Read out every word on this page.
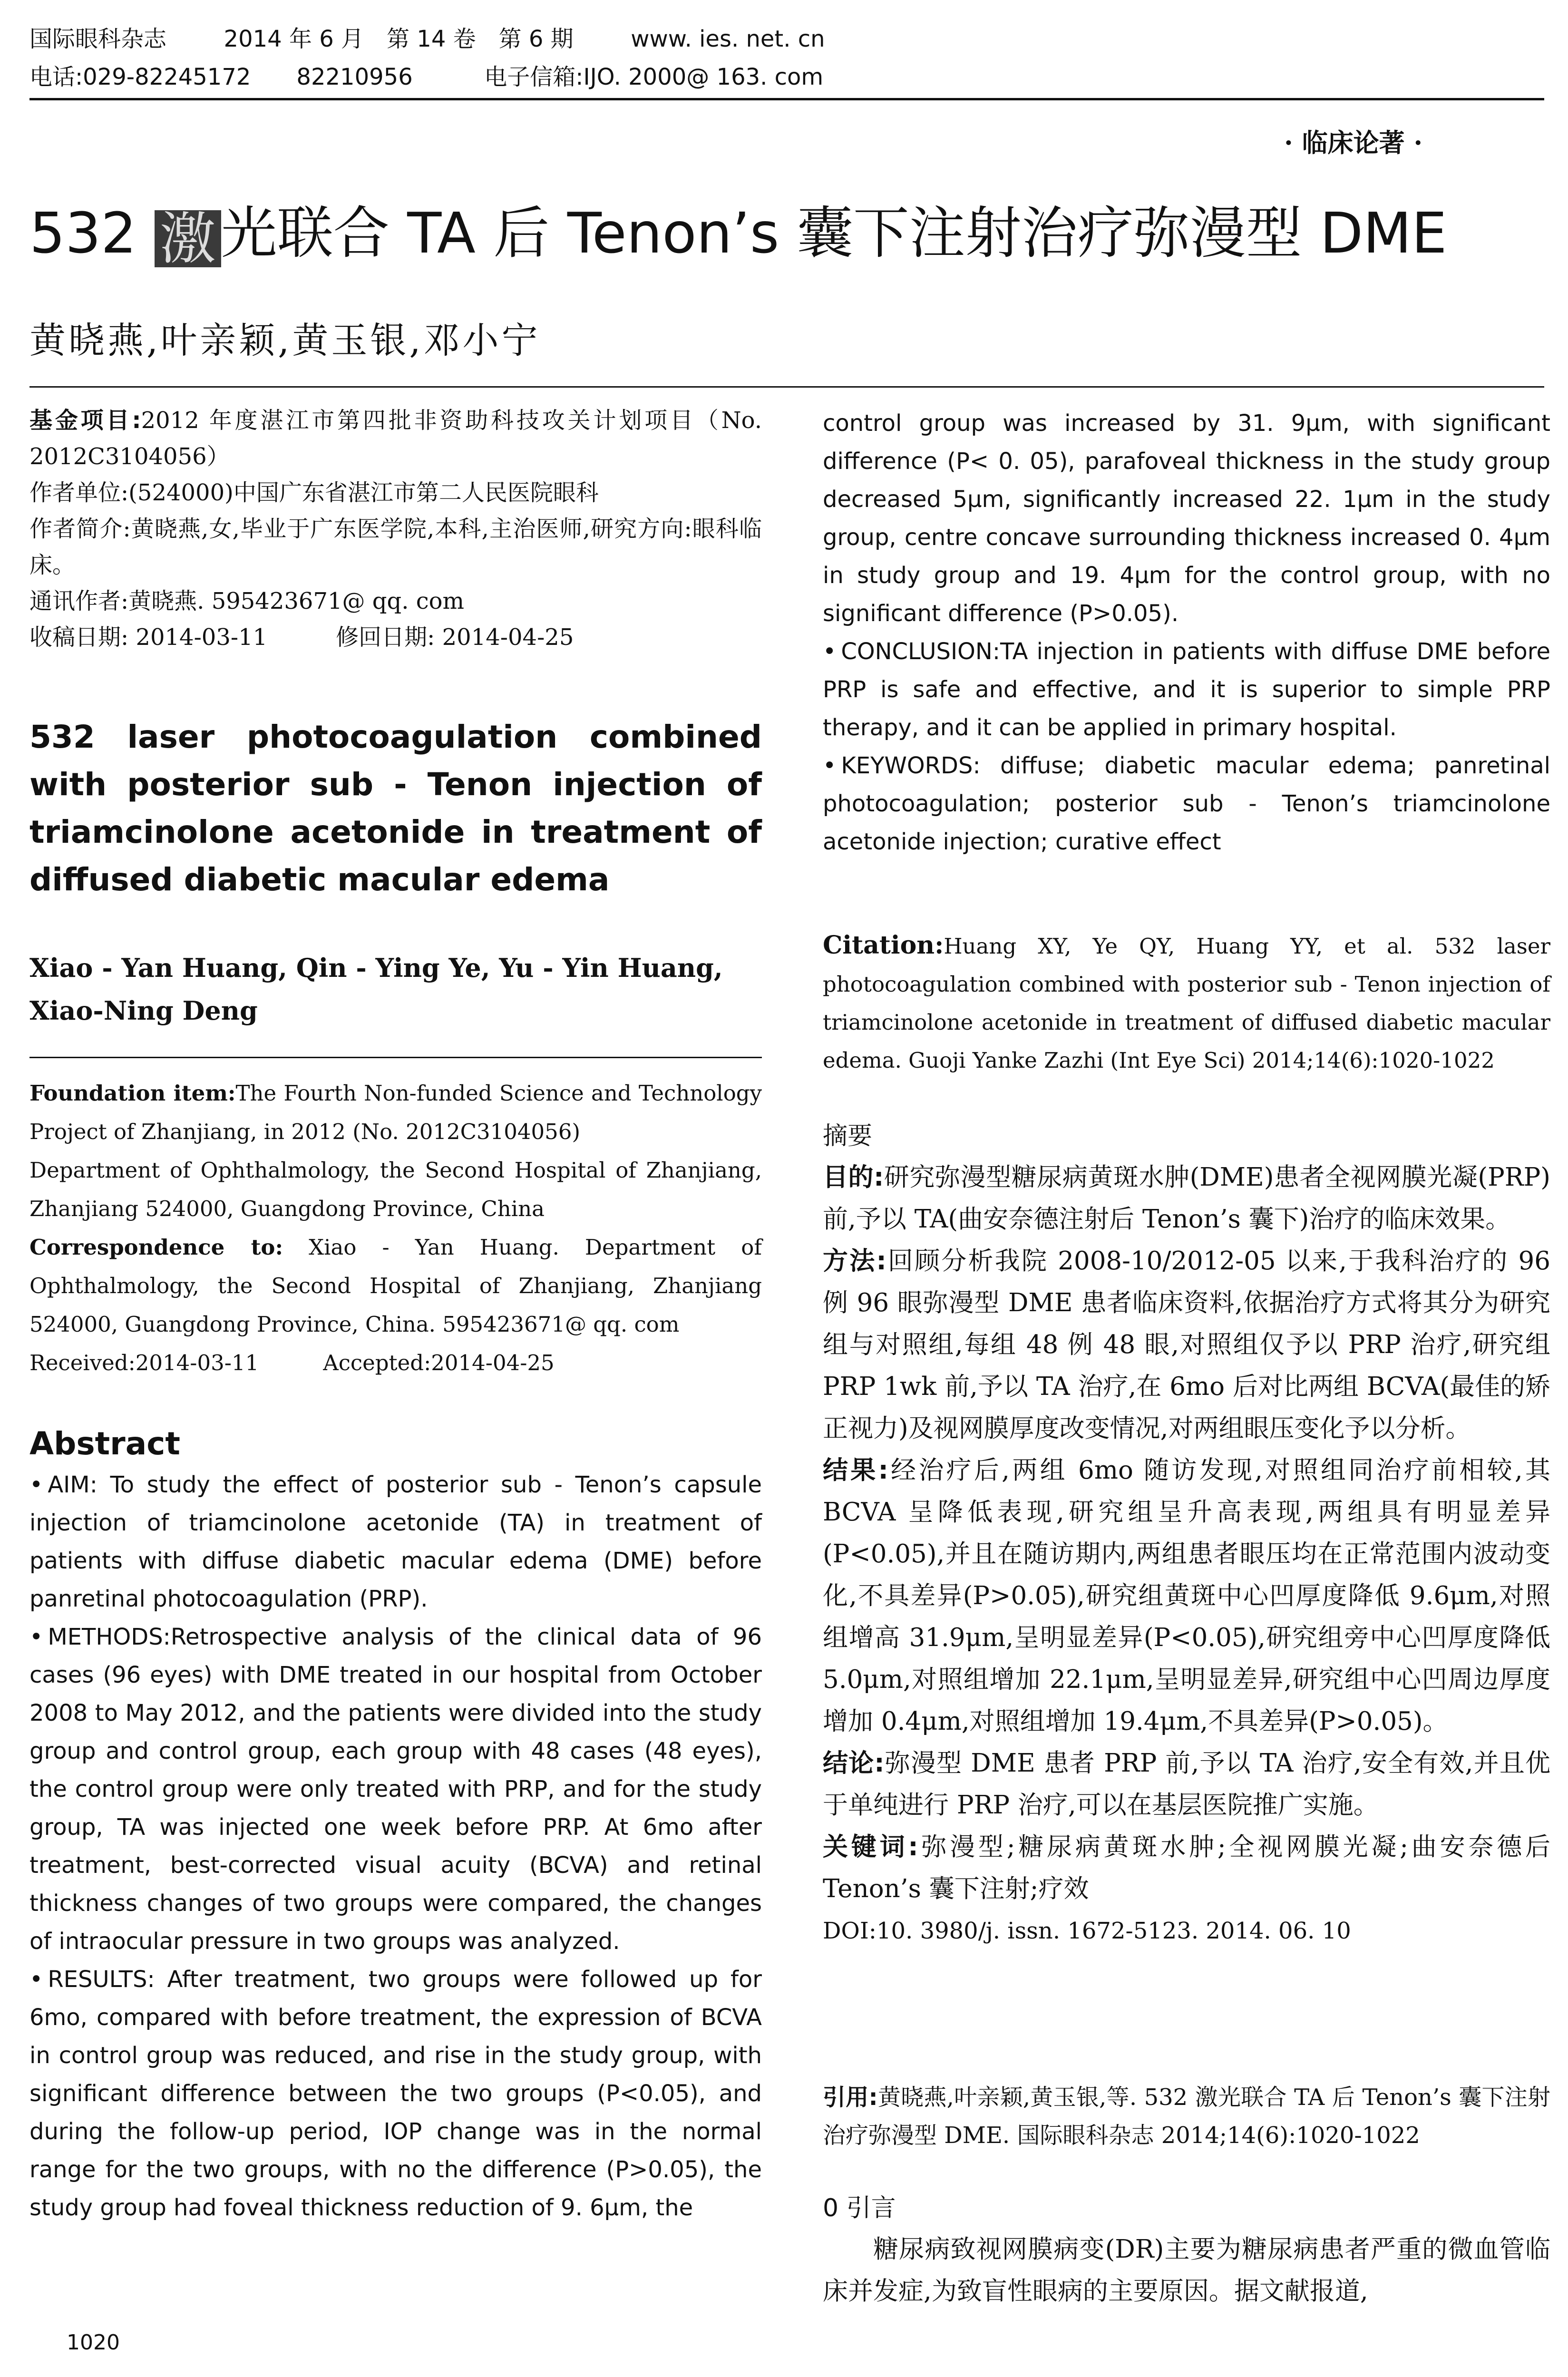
国际眼科杂志	2014 年 6 月　第 14 卷　第 6 期	www. ies. net. cn
电话:029-82245172　　82210956	电子信箱:IJO. 2000@ 163. com
· 临床论著 ·
532 激光联合 TA 后 Tenon’s 囊下注射治疗弥漫型 DME
黄晓燕,叶亲颖,黄玉银,邓小宁

基金项目:2012 年度湛江市第四批非资助科技攻关计划项目（No. 2012C3104056）

作者单位:(524000)中国广东省湛江市第二人民医院眼科

作者简介:黄晓燕,女,毕业于广东医学院,本科,主治医师,研究方向:眼科临床。

通讯作者:黄晓燕. 595423671@ qq. com

收稿日期: 2014-03-11　　　修回日期: 2014-04-25

532 laser photocoagulation combined with posterior sub - Tenon injection of triamcinolone acetonide in treatment of diffused diabetic macular edema

Xiao - Yan Huang, Qin - Ying Ye, Yu - Yin Huang, Xiao-Ning Deng

Foundation item:The Fourth Non-funded Science and Technology Project of Zhanjiang, in 2012 (No. 2012C3104056)

Department of Ophthalmology, the Second Hospital of Zhanjiang, Zhanjiang 524000, Guangdong Province, China

Correspondence to: Xiao - Yan Huang. Department of Ophthalmology, the Second Hospital of Zhanjiang, Zhanjiang 524000, Guangdong Province, China. 595423671@ qq. com

Received:2014-03-11　　　Accepted:2014-04-25

Abstract

• AIM: To study the effect of posterior sub - Tenon’s capsule injection of triamcinolone acetonide (TA) in treatment of patients with diffuse diabetic macular edema (DME) before panretinal photocoagulation (PRP).

• METHODS:Retrospective analysis of the clinical data of 96 cases (96 eyes) with DME treated in our hospital from October 2008 to May 2012, and the patients were divided into the study group and control group, each group with 48 cases (48 eyes), the control group were only treated with PRP, and for the study group, TA was injected one week before PRP. At 6mo after treatment, best-corrected visual acuity (BCVA) and retinal thickness changes of two groups were compared, the changes of intraocular pressure in two groups was analyzed.

• RESULTS: After treatment, two groups were followed up for 6mo, compared with before treatment, the expression of BCVA in control group was reduced, and rise in the study group, with significant difference between the two groups (P<0.05), and during the follow-up period, IOP change was in the normal range for the two groups, with no the difference (P>0.05), the study group had foveal thickness reduction of 9. 6μm, the

1020

control group was increased by 31. 9μm, with significant difference (P< 0. 05), parafoveal thickness in the study group decreased 5μm, significantly increased 22. 1μm in the study group, centre concave surrounding thickness increased 0. 4μm in study group and 19. 4μm for the control group, with no significant difference (P>0.05).

• CONCLUSION:TA injection in patients with diffuse DME before PRP is safe and effective, and it is superior to simple PRP therapy, and it can be applied in primary hospital.

• KEYWORDS: diffuse; diabetic macular edema; panretinal photocoagulation; posterior sub - Tenon’s triamcinolone acetonide injection; curative effect

Citation:Huang XY, Ye QY, Huang YY, et al. 532 laser photocoagulation combined with posterior sub - Tenon injection of triamcinolone acetonide in treatment of diffused diabetic macular edema. Guoji Yanke Zazhi (Int Eye Sci) 2014;14(6):1020-1022

摘要

目的:研究弥漫型糖尿病黄斑水肿(DME)患者全视网膜光凝(PRP)前,予以 TA(曲安奈德注射后 Tenon’s 囊下)治疗的临床效果。

方法:回顾分析我院 2008-10/2012-05 以来,于我科治疗的 96 例 96 眼弥漫型 DME 患者临床资料,依据治疗方式将其分为研究组与对照组,每组 48 例 48 眼,对照组仅予以 PRP 治疗,研究组 PRP 1wk 前,予以 TA 治疗,在 6mo 后对比两组 BCVA(最佳的矫正视力)及视网膜厚度改变情况,对两组眼压变化予以分析。

结果:经治疗后,两组 6mo 随访发现,对照组同治疗前相较,其 BCVA 呈降低表现,研究组呈升高表现,两组具有明显差异(P<0.05),并且在随访期内,两组患者眼压均在正常范围内波动变化,不具差异(P>0.05),研究组黄斑中心凹厚度降低 9.6μm,对照组增高 31.9μm,呈明显差异(P<0.05),研究组旁中心凹厚度降低 5.0μm,对照组增加 22.1μm,呈明显差异,研究组中心凹周边厚度增加 0.4μm,对照组增加 19.4μm,不具差异(P>0.05)。

结论:弥漫型 DME 患者 PRP 前,予以 TA 治疗,安全有效,并且优于单纯进行 PRP 治疗,可以在基层医院推广实施。

关键词:弥漫型;糖尿病黄斑水肿;全视网膜光凝;曲安奈德后 Tenon’s 囊下注射;疗效

DOI:10. 3980/j. issn. 1672-5123. 2014. 06. 10

引用:黄晓燕,叶亲颖,黄玉银,等. 532 激光联合 TA 后 Tenon’s 囊下注射治疗弥漫型 DME. 国际眼科杂志 2014;14(6):1020-1022

0 引言

糖尿病致视网膜病变(DR)主要为糖尿病患者严重的微血管临床并发症,为致盲性眼病的主要原因。据文献报道,
